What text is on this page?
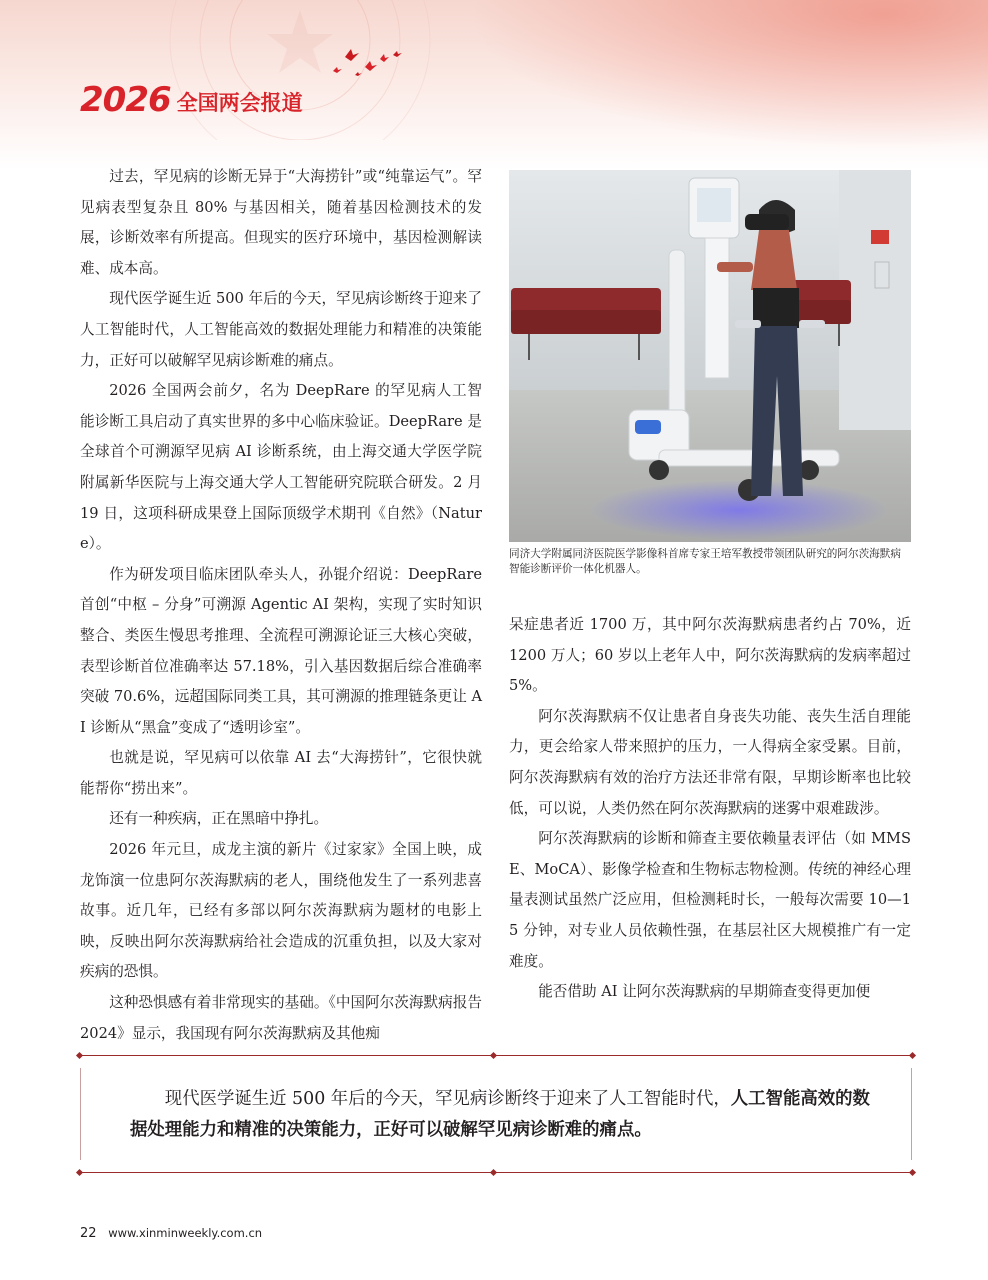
2026 全国两会报道

过去，罕见病的诊断无异于“大海捞针”或“纯靠运气”。罕见病表型复杂且 80% 与基因相关，随着基因检测技术的发展，诊断效率有所提高。但现实的医疗环境中，基因检测解读难、成本高。

现代医学诞生近 500 年后的今天，罕见病诊断终于迎来了人工智能时代，人工智能高效的数据处理能力和精准的决策能力，正好可以破解罕见病诊断难的痛点。

2026 全国两会前夕，名为 DeepRare 的罕见病人工智能诊断工具启动了真实世界的多中心临床验证。DeepRare 是全球首个可溯源罕见病 AI 诊断系统，由上海交通大学医学院附属新华医院与上海交通大学人工智能研究院联合研发。2 月 19 日，这项科研成果登上国际顶级学术期刊《自然》（Nature）。

作为研发项目临床团队牵头人，孙锟介绍说：DeepRare 首创“中枢 – 分身”可溯源 Agentic AI 架构，实现了实时知识整合、类医生慢思考推理、全流程可溯源论证三大核心突破，表型诊断首位准确率达 57.18%，引入基因数据后综合准确率突破 70.6%，远超国际同类工具，其可溯源的推理链条更让 AI 诊断从“黑盒”变成了“透明诊室”。

也就是说，罕见病可以依靠 AI 去“大海捞针”，它很快就能帮你“捞出来”。

还有一种疾病，正在黑暗中挣扎。

2026 年元旦，成龙主演的新片《过家家》全国上映，成龙饰演一位患阿尔茨海默病的老人，围绕他发生了一系列悲喜故事。近几年，已经有多部以阿尔茨海默病为题材的电影上映，反映出阿尔茨海默病给社会造成的沉重负担，以及大家对疾病的恐惧。

这种恐惧感有着非常现实的基础。《中国阿尔茨海默病报告 2024》显示，我国现有阿尔茨海默病及其他痴

同济大学附属同济医院医学影像科首席专家王培军教授带领团队研究的阿尔茨海默病智能诊断评价一体化机器人。

呆症患者近 1700 万，其中阿尔茨海默病患者约占 70%，近 1200 万人；60 岁以上老年人中，阿尔茨海默病的发病率超过 5%。

阿尔茨海默病不仅让患者自身丧失功能、丧失生活自理能力，更会给家人带来照护的压力，一人得病全家受累。目前，阿尔茨海默病有效的治疗方法还非常有限，早期诊断率也比较低，可以说，人类仍然在阿尔茨海默病的迷雾中艰难跋涉。

阿尔茨海默病的诊断和筛查主要依赖量表评估（如 MMSE、MoCA）、影像学检查和生物标志物检测。传统的神经心理量表测试虽然广泛应用，但检测耗时长，一般每次需要 10—15 分钟，对专业人员依赖性强，在基层社区大规模推广有一定难度。

能否借助 AI 让阿尔茨海默病的早期筛查变得更加便

现代医学诞生近 500 年后的今天，罕见病诊断终于迎来了人工智能时代，人工智能高效的数据处理能力和精准的决策能力，正好可以破解罕见病诊断难的痛点。
22 www.xinminweekly.com.cn
